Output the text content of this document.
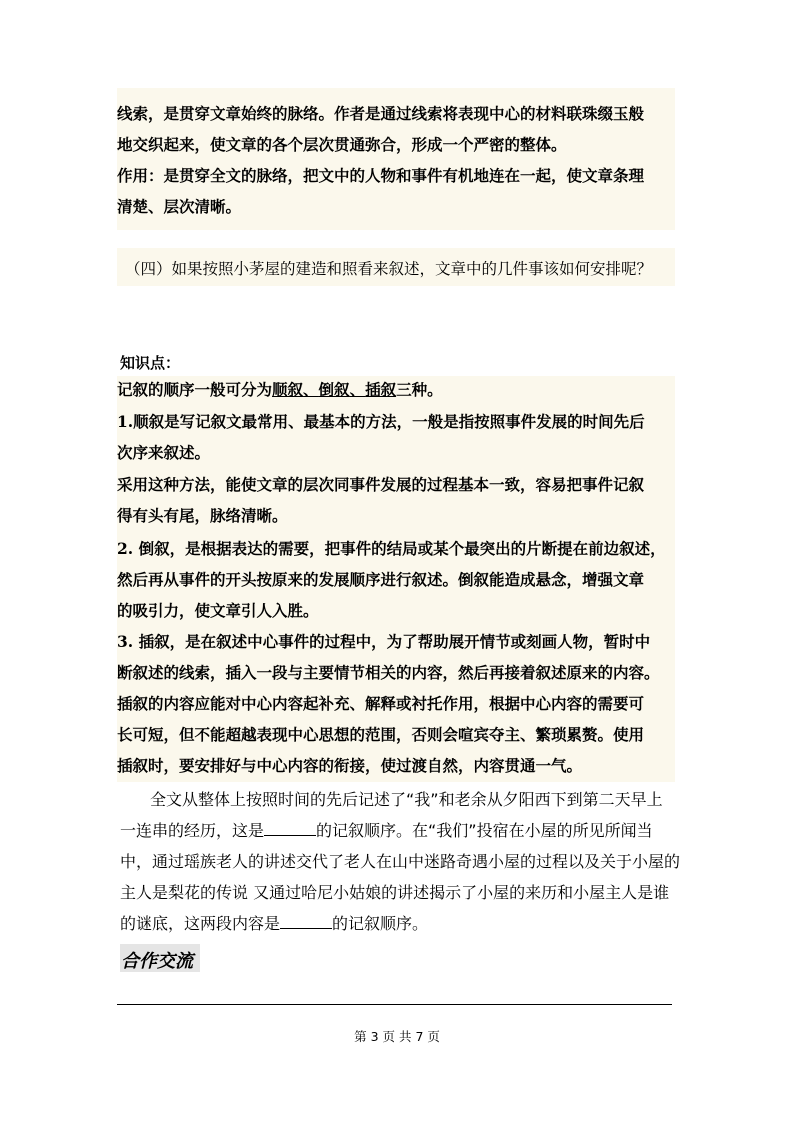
线索，是贯穿文章始终的脉络。作者是通过线索将表现中心的材料联珠缀玉般
地交织起来，使文章的各个层次贯通弥合，形成一个严密的整体。
作用：是贯穿全文的脉络，把文中的人物和事件有机地连在一起，使文章条理
清楚、层次清晰。
（四）如果按照小茅屋的建造和照看来叙述，文章中的几件事该如何安排呢？
知识点：
记叙的顺序一般可分为顺叙、倒叙、插叙三种。
1.顺叙是写记叙文最常用、最基本的方法，一般是指按照事件发展的时间先后
次序来叙述。
采用这种方法，能使文章的层次同事件发展的过程基本一致，容易把事件记叙
得有头有尾，脉络清晰。
2. 倒叙，是根据表达的需要，把事件的结局或某个最突出的片断提在前边叙述，
然后再从事件的开头按原来的发展顺序进行叙述。倒叙能造成悬念，增强文章
的吸引力，使文章引人入胜。
3. 插叙，是在叙述中心事件的过程中，为了帮助展开情节或刻画人物，暂时中
断叙述的线索，插入一段与主要情节相关的内容，然后再接着叙述原来的内容。
插叙的内容应能对中心内容起补充、解释或衬托作用，根据中心内容的需要可
长可短，但不能超越表现中心思想的范围，否则会喧宾夺主、繁琐累赘。使用
插叙时，要安排好与中心内容的衔接，使过渡自然，内容贯通一气。
全文从整体上按照时间的先后记述了“我”和老余从夕阳西下到第二天早上
一连串的经历，这是	的记叙顺序。在“我们”投宿在小屋的所见所闻当
中，通过瑶族老人的讲述交代了老人在山中迷路奇遇小屋的过程以及关于小屋的
主人是梨花的传说 又通过哈尼小姑娘的讲述揭示了小屋的来历和小屋主人是谁
的谜底，这两段内容是	的记叙顺序。
合作交流
第 3 页 共 7 页
